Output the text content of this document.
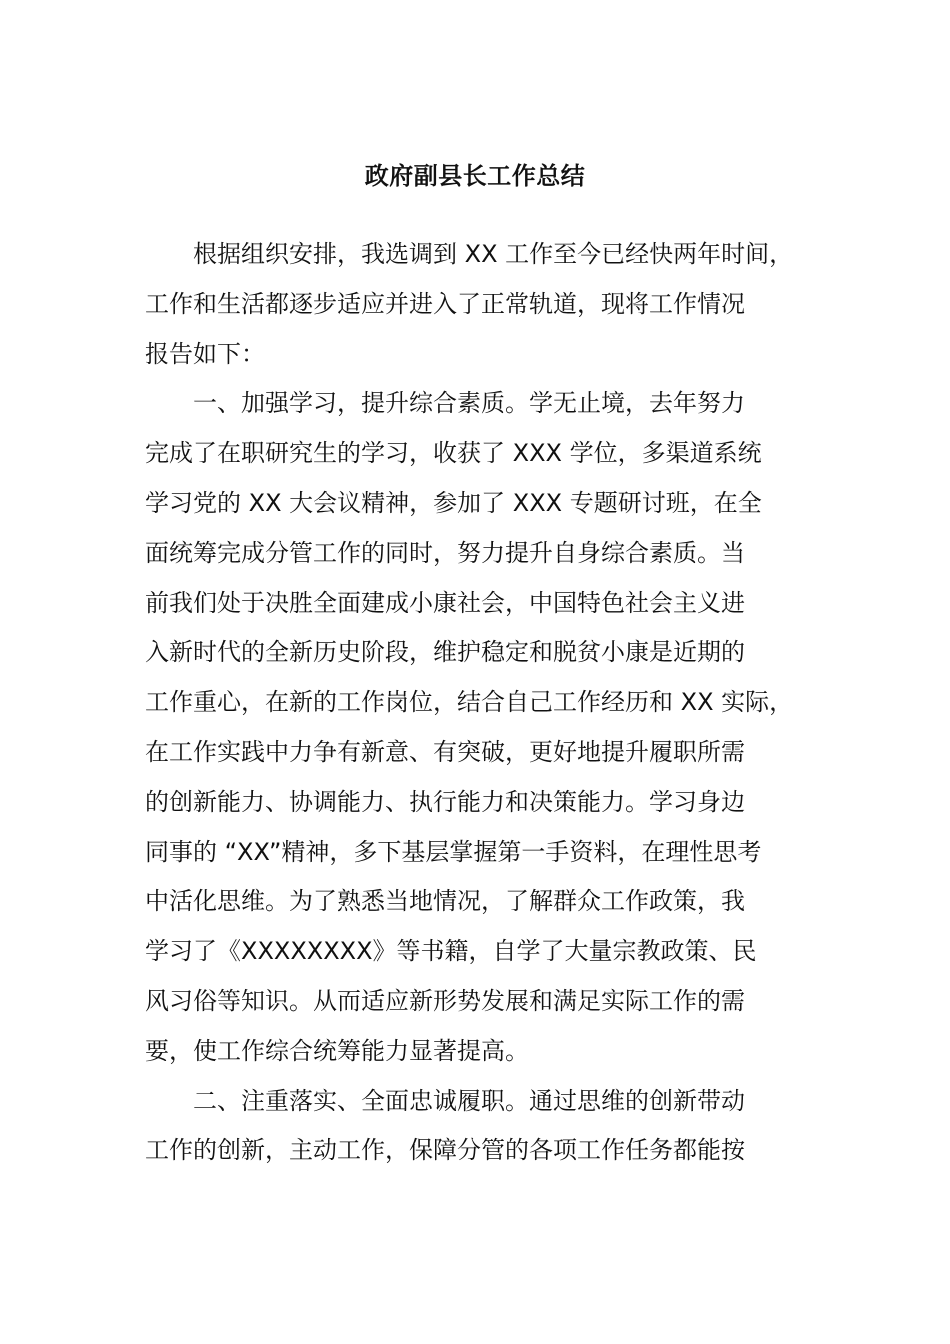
政府副县长工作总结
根据组织安排，我选调到 XX 工作至今已经快两年时间，
工作和生活都逐步适应并进入了正常轨道，现将工作情况
报告如下：
一、加强学习，提升综合素质。学无止境，去年努力
完成了在职研究生的学习，收获了 XXX 学位，多渠道系统
学习党的 XX 大会议精神，参加了 XXX 专题研讨班，在全
面统筹完成分管工作的同时，努力提升自身综合素质。当
前我们处于决胜全面建成小康社会，中国特色社会主义进
入新时代的全新历史阶段，维护稳定和脱贫小康是近期的
工作重心，在新的工作岗位，结合自己工作经历和 XX 实际，
在工作实践中力争有新意、有突破，更好地提升履职所需
的创新能力、协调能力、执行能力和决策能力。学习身边
同事的 “XX”精神，多下基层掌握第一手资料，在理性思考
中活化思维。为了熟悉当地情况，了解群众工作政策，我
学习了《XXXXXXXX》等书籍，自学了大量宗教政策、民
风习俗等知识。从而适应新形势发展和满足实际工作的需
要，使工作综合统筹能力显著提高。
二、注重落实、全面忠诚履职。通过思维的创新带动
工作的创新，主动工作，保障分管的各项工作任务都能按
